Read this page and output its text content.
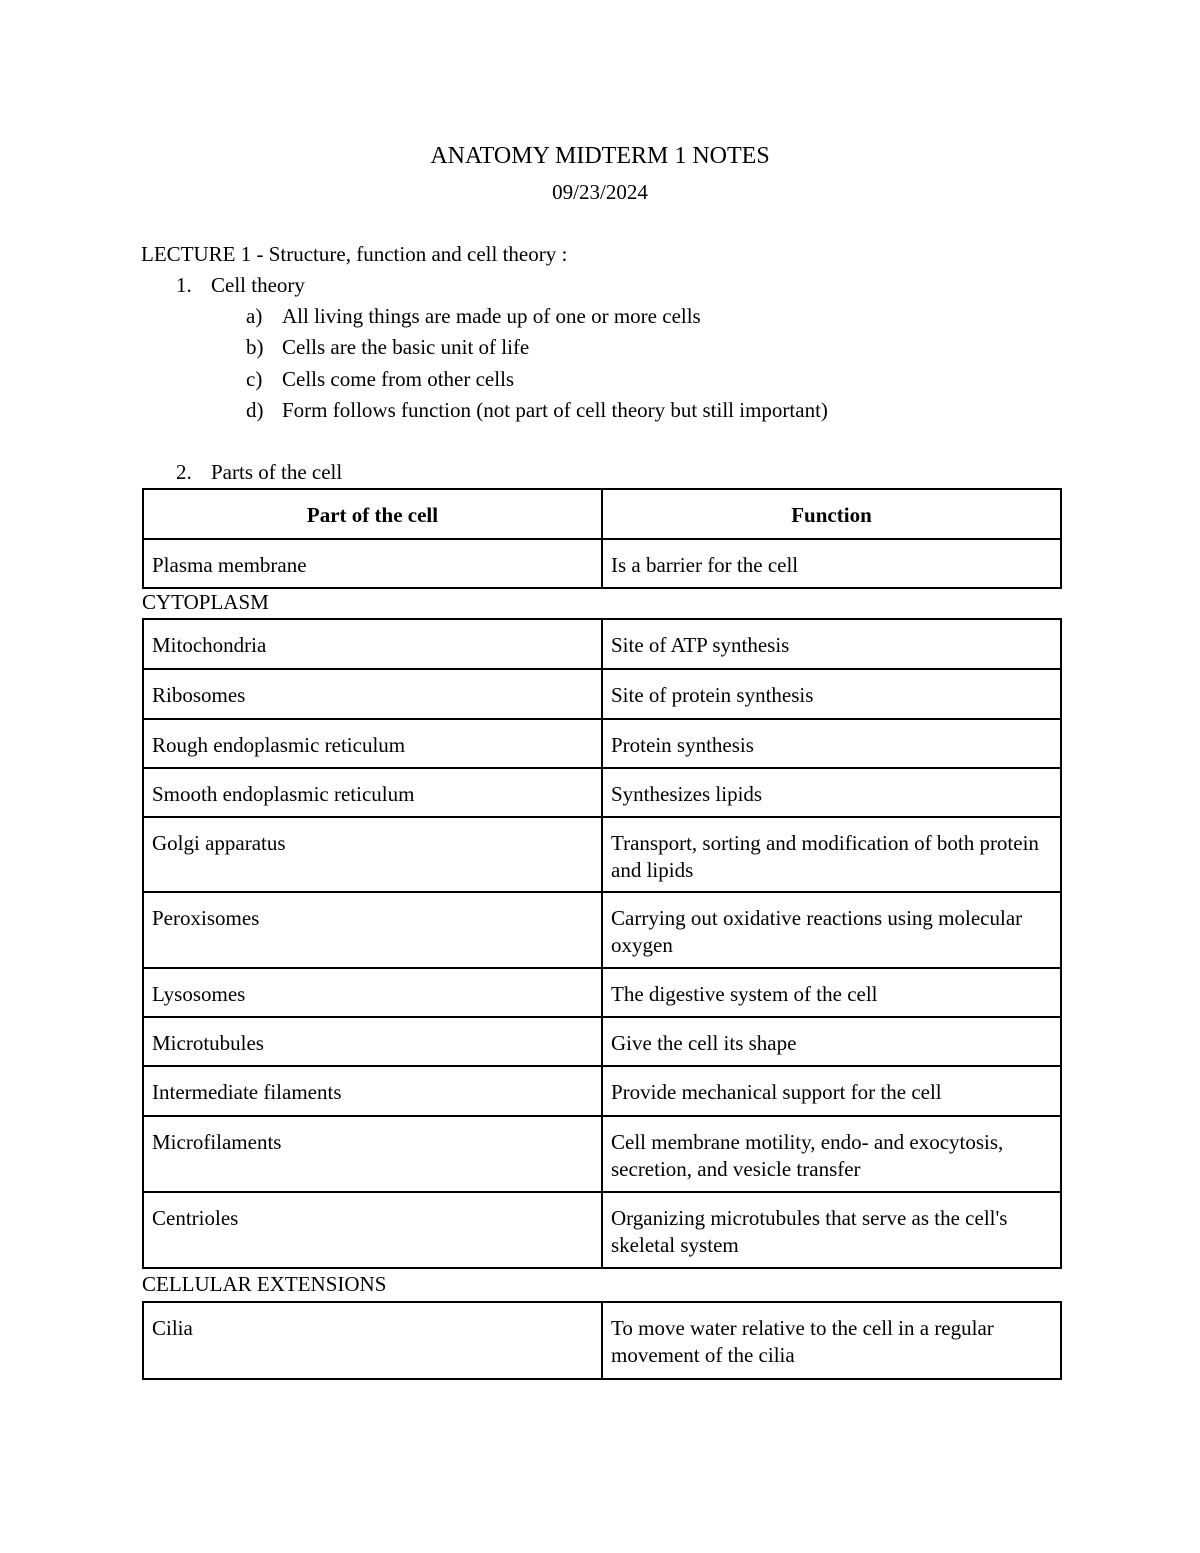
ANATOMY MIDTERM 1 NOTES
09/23/2024
LECTURE 1 - Structure, function and cell theory :
1. Cell theory
a) All living things are made up of one or more cells
b) Cells are the basic unit of life
c) Cells come from other cells
d) Form follows function (not part of cell theory but still important)
2. Parts of the cell
Part of the cell	Function
Plasma membrane	Is a barrier for the cell
CYTOPLASM
Mitochondria	Site of ATP synthesis
Ribosomes	Site of protein synthesis
Rough endoplasmic reticulum	Protein synthesis
Smooth endoplasmic reticulum	Synthesizes lipids
Golgi apparatus	Transport, sorting and modification of both protein and lipids
Peroxisomes	Carrying out oxidative reactions using molecular oxygen
Lysosomes	The digestive system of the cell
Microtubules	Give the cell its shape
Intermediate filaments	Provide mechanical support for the cell
Microfilaments	Cell membrane motility, endo- and exocytosis, secretion, and vesicle transfer
Centrioles	Organizing microtubules that serve as the cell's skeletal system
CELLULAR EXTENSIONS
Cilia	To move water relative to the cell in a regular movement of the cilia
